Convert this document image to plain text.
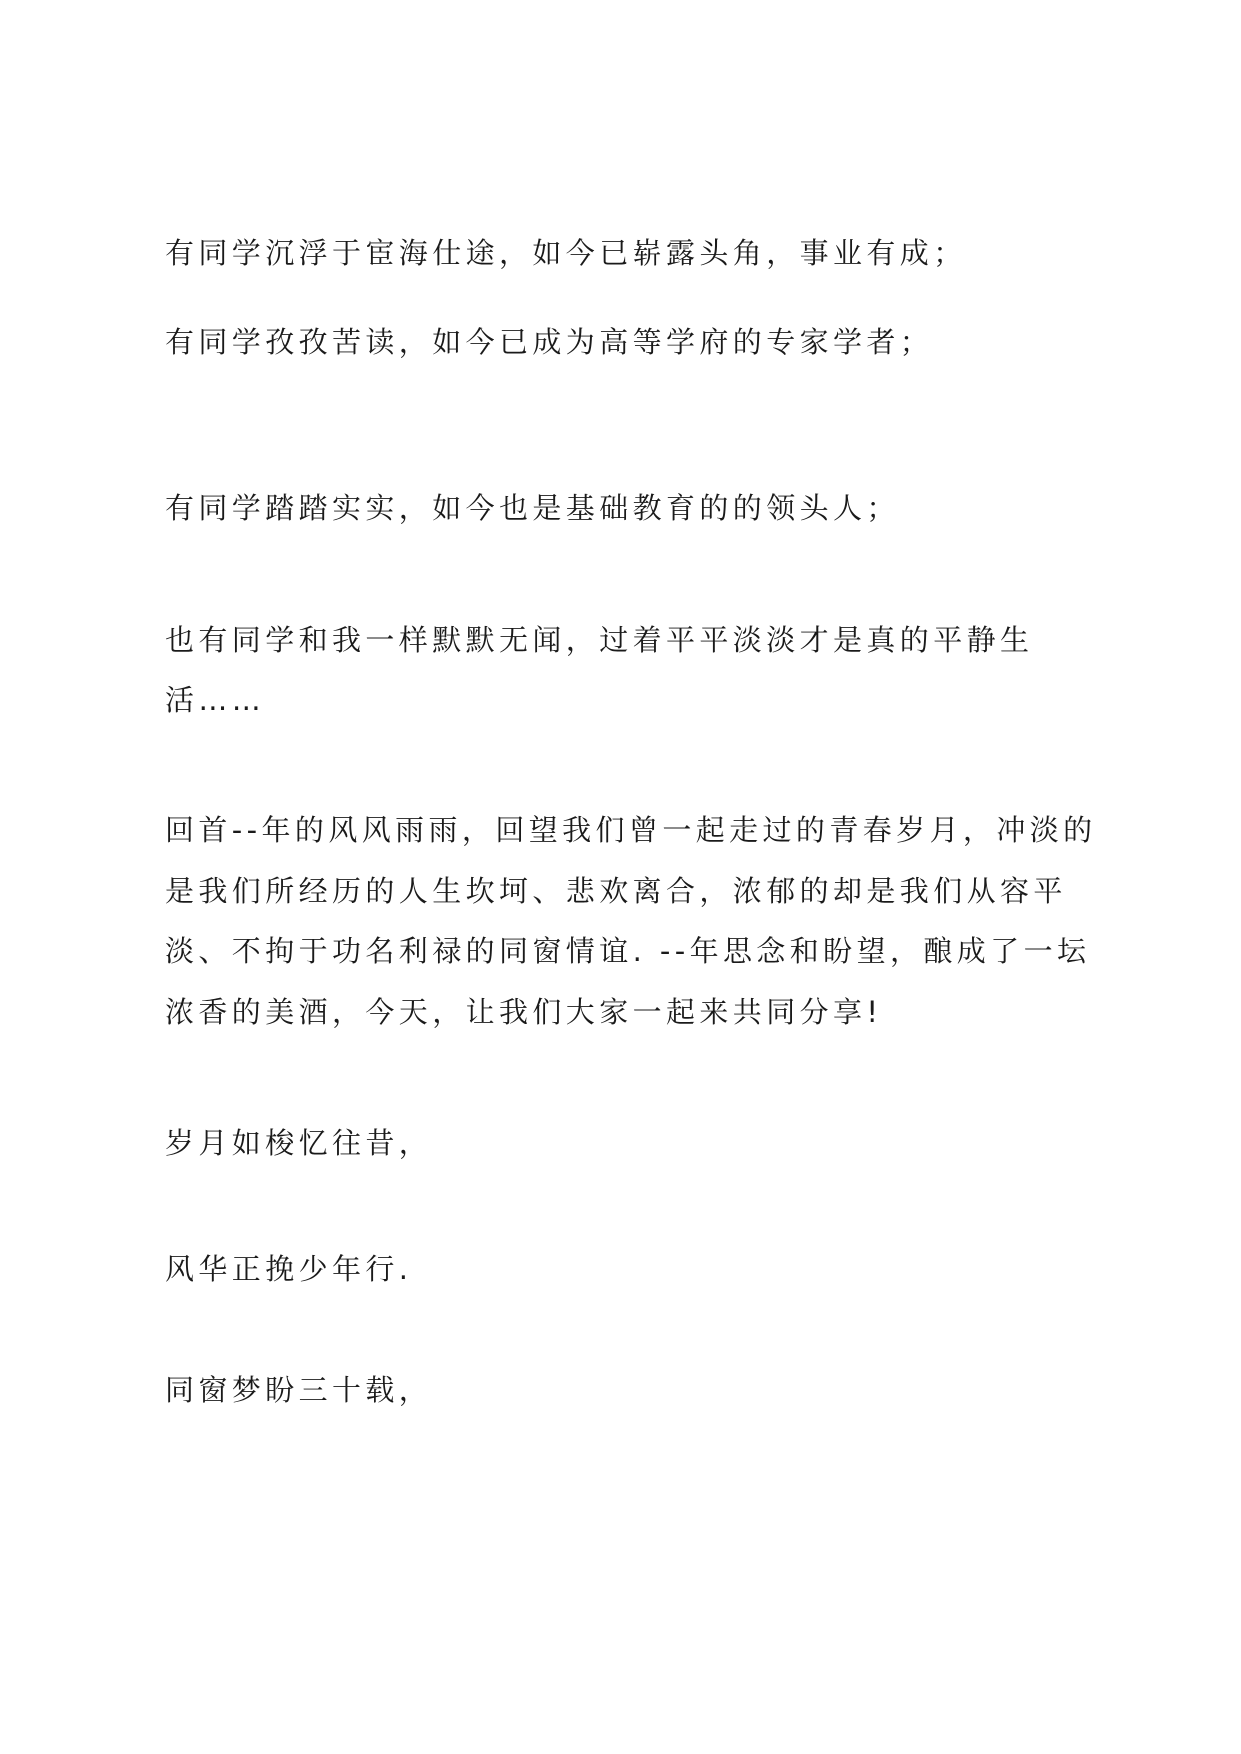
有同学沉浮于宦海仕途，如今已崭露头角，事业有成；
有同学孜孜苦读，如今已成为高等学府的专家学者；
有同学踏踏实实，如今也是基础教育的的领头人；
也有同学和我一样默默无闻，过着平平淡淡才是真的平静生
活……
回首--年的风风雨雨，回望我们曾一起走过的青春岁月，冲淡的
是我们所经历的人生坎坷、悲欢离合，浓郁的却是我们从容平
淡、不拘于功名利禄的同窗情谊. --年思念和盼望，酿成了一坛
浓香的美酒，今天，让我们大家一起来共同分享!
岁月如梭忆往昔，
风华正挽少年行.
同窗梦盼三十载，
